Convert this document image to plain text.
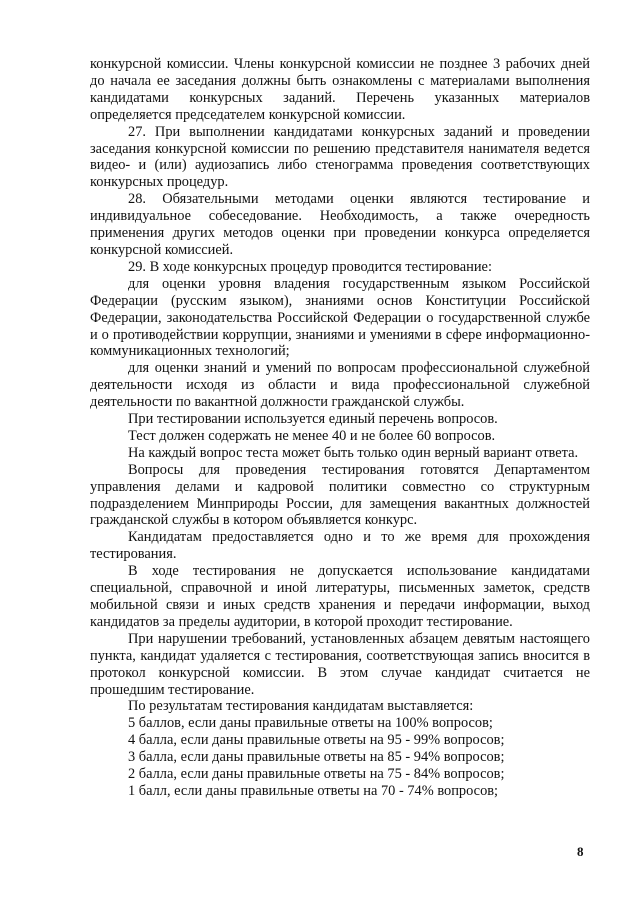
конкурсной комиссии. Члены конкурсной комиссии не позднее 3 рабочих дней до начала ее заседания должны быть ознакомлены с материалами выполнения кандидатами конкурсных заданий. Перечень указанных материалов определяется председателем конкурсной комиссии.

27. При выполнении кандидатами конкурсных заданий и проведении заседания конкурсной комиссии по решению представителя нанимателя ведется видео- и (или) аудиозапись либо стенограмма проведения соответствующих конкурсных процедур.

28. Обязательными методами оценки являются тестирование и индивидуальное собеседование. Необходимость, а также очередность применения других методов оценки при проведении конкурса определяется конкурсной комиссией.

29. В ходе конкурсных процедур проводится тестирование:

для оценки уровня владения государственным языком Российской Федерации (русским языком), знаниями основ Конституции Российской Федерации, законодательства Российской Федерации о государственной службе и о противодействии коррупции, знаниями и умениями в сфере информационно-коммуникационных технологий;

для оценки знаний и умений по вопросам профессиональной служебной деятельности исходя из области и вида профессиональной служебной деятельности по вакантной должности гражданской службы.

При тестировании используется единый перечень вопросов.

Тест должен содержать не менее 40 и не более 60 вопросов.

На каждый вопрос теста может быть только один верный вариант ответа.

Вопросы для проведения тестирования готовятся Департаментом управления делами и кадровой политики совместно со структурным подразделением Минприроды России, для замещения вакантных должностей гражданской службы в котором объявляется конкурс.

Кандидатам предоставляется одно и то же время для прохождения тестирования.

В ходе тестирования не допускается использование кандидатами специальной, справочной и иной литературы, письменных заметок, средств мобильной связи и иных средств хранения и передачи информации, выход кандидатов за пределы аудитории, в которой проходит тестирование.

При нарушении требований, установленных абзацем девятым настоящего пункта, кандидат удаляется с тестирования, соответствующая запись вносится в протокол конкурсной комиссии. В этом случае кандидат считается не прошедшим тестирование.

По результатам тестирования кандидатам выставляется:

5 баллов, если даны правильные ответы на 100% вопросов;

4 балла, если даны правильные ответы на 95 - 99% вопросов;

3 балла, если даны правильные ответы на 85 - 94% вопросов;

2 балла, если даны правильные ответы на 75 - 84% вопросов;

1 балл, если даны правильные ответы на 70 - 74% вопросов;

8
